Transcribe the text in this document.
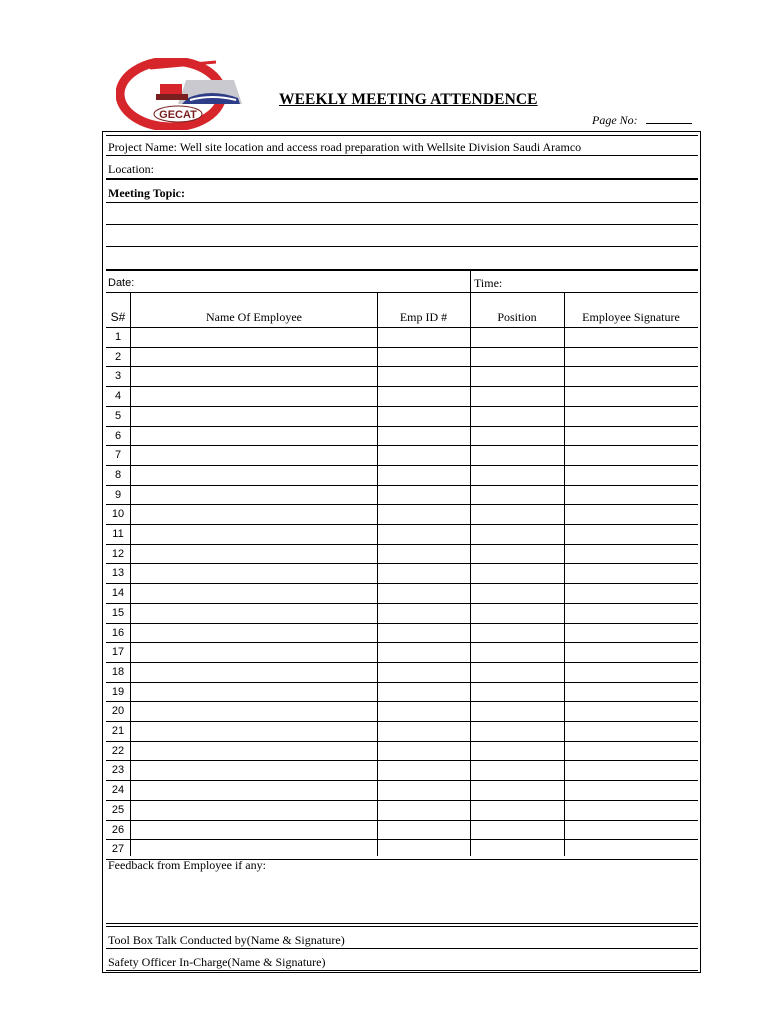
GECAT
WEEKLY MEETING ATTENDENCE
Page No:
Project Name: Well site location and access road preparation with Wellsite Division Saudi Aramco
Location:
Meeting Topic:
Date:	Time:
S#	Name Of Employee	Emp ID #	Position	Employee Signature
1
2
3
4
5
6
7
8
9
10
11
12
13
14
15
16
17
18
19
20
21
22
23
24
25
26
27
Feedback from Employee if any:
Tool Box Talk Conducted by(Name & Signature)
Safety Officer In-Charge(Name & Signature)
